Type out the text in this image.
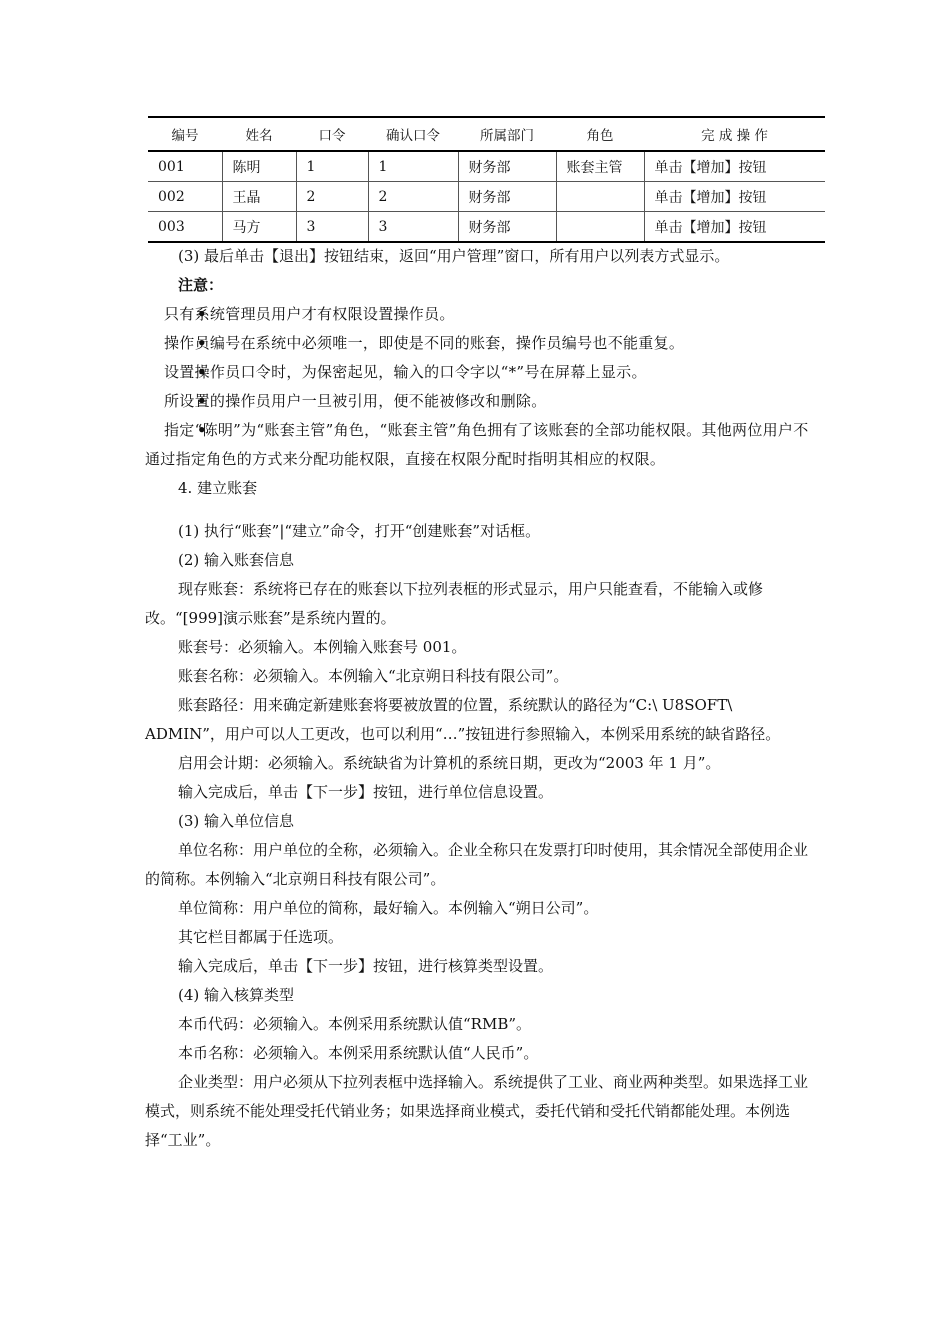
编号	姓名	口令	确认口令	所属部门	角色	完 成 操 作
001	陈明	1	1	财务部	账套主管	单击【增加】按钮
002	王晶	2	2	财务部		单击【增加】按钮
003	马方	3	3	财务部		单击【增加】按钮

(3) 最后单击【退出】按钮结束，返回“用户管理”窗口，所有用户以列表方式显示。

注意：

• 只有系统管理员用户才有权限设置操作员。

• 操作员编号在系统中必须唯一，即使是不同的账套，操作员编号也不能重复。

• 设置操作员口令时，为保密起见，输入的口令字以“*”号在屏幕上显示。

• 所设置的操作员用户一旦被引用，便不能被修改和删除。

• 指定“陈明”为“账套主管”角色，“账套主管”角色拥有了该账套的全部功能权限。其他两位用户不通过指定角色的方式来分配功能权限，直接在权限分配时指明其相应的权限。

4. 建立账套

(1) 执行“账套”|“建立”命令，打开“创建账套”对话框。

(2) 输入账套信息

现存账套：系统将已存在的账套以下拉列表框的形式显示，用户只能查看，不能输入或修改。“[999]演示账套”是系统内置的。

账套号：必须输入。本例输入账套号 001。

账套名称：必须输入。本例输入“北京朔日科技有限公司”。

账套路径：用来确定新建账套将要被放置的位置，系统默认的路径为“C:\ U8SOFT\ ADMIN”，用户可以人工更改，也可以利用“…”按钮进行参照输入，本例采用系统的缺省路径。

启用会计期：必须输入。系统缺省为计算机的系统日期，更改为“2003 年 1 月”。

输入完成后，单击【下一步】按钮，进行单位信息设置。

(3) 输入单位信息

单位名称：用户单位的全称，必须输入。企业全称只在发票打印时使用，其余情况全部使用企业的简称。本例输入“北京朔日科技有限公司”。

单位简称：用户单位的简称，最好输入。本例输入“朔日公司”。

其它栏目都属于任选项。

输入完成后，单击【下一步】按钮，进行核算类型设置。

(4) 输入核算类型

本币代码：必须输入。本例采用系统默认值“RMB”。

本币名称：必须输入。本例采用系统默认值“人民币”。

企业类型：用户必须从下拉列表框中选择输入。系统提供了工业、商业两种类型。如果选择工业模式，则系统不能处理受托代销业务；如果选择商业模式，委托代销和受托代销都能处理。本例选择“工业”。
